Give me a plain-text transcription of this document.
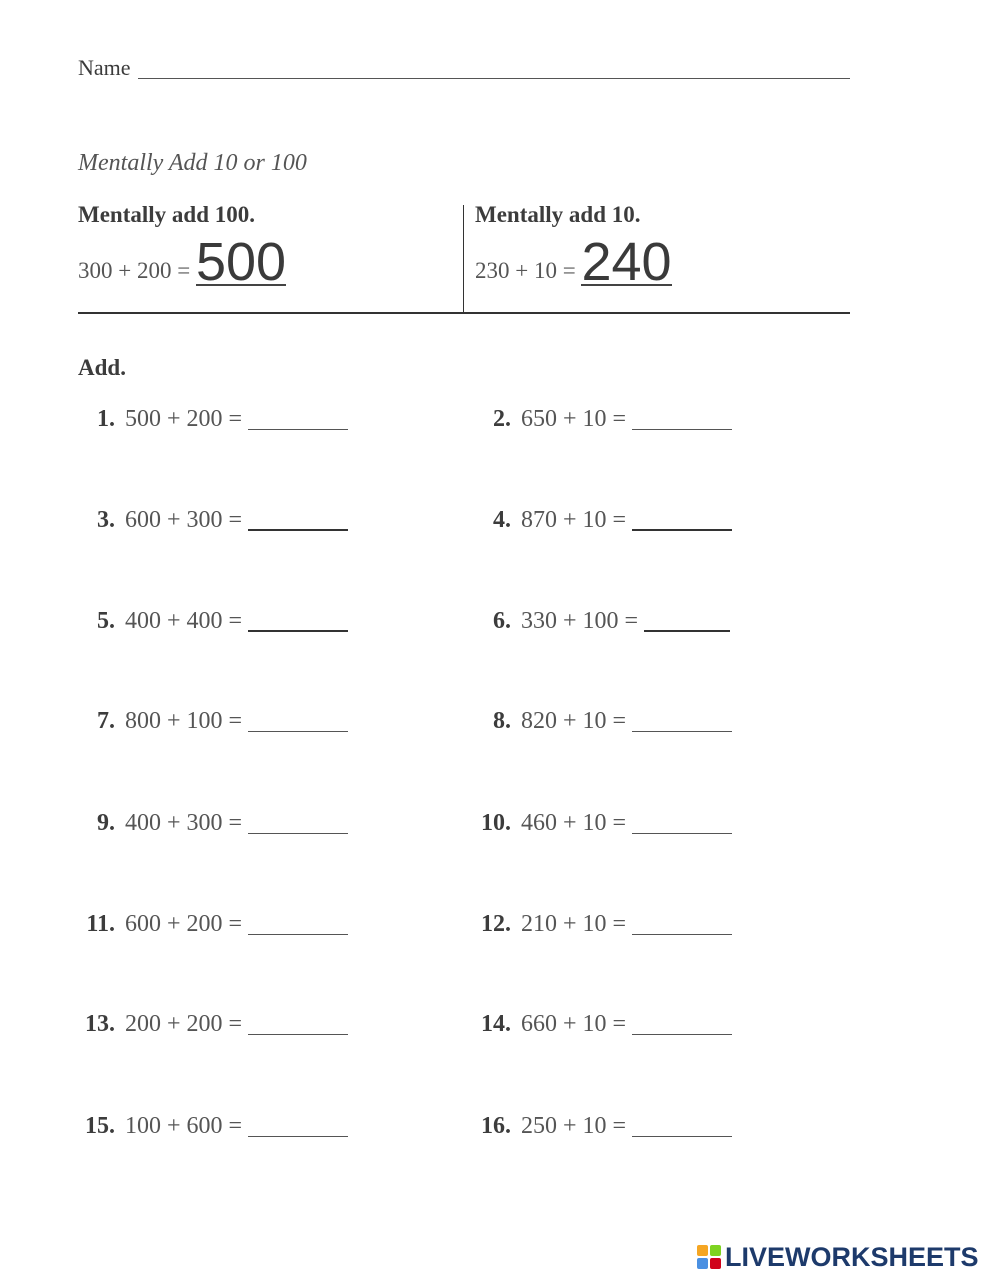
Name
Mentally Add 10 or 100
Mentally add 100.
300 + 200 = 500
Mentally add 10.
230 + 10 = 240
Add.
1. 500 + 200 =
3. 600 + 300 =
5. 400 + 400 =
7. 800 + 100 =
9. 400 + 300 =
11. 600 + 200 =
13. 200 + 200 =
15. 100 + 600 =
2. 650 + 10 =
4. 870 + 10 =
6. 330 + 100 =
8. 820 + 10 =
10. 460 + 10 =
12. 210 + 10 =
14. 660 + 10 =
16. 250 + 10 =
LIVEWORKSHEETS
